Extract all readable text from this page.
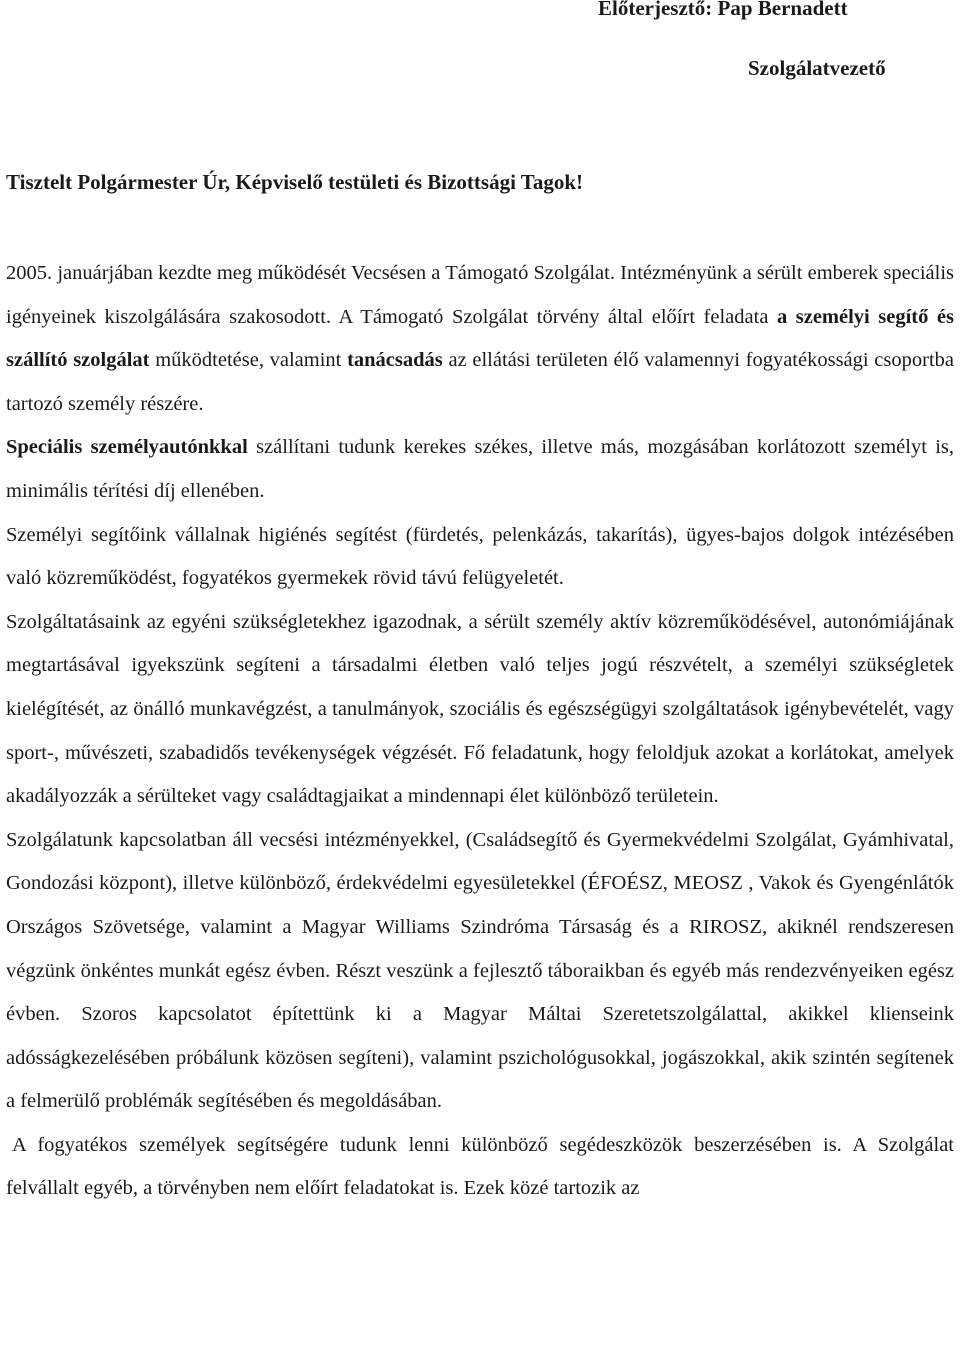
Előterjesztő: Pap Bernadett
Szolgálatvezető
Tisztelt Polgármester Úr, Képviselő testületi és Bizottsági Tagok!

2005. januárjában kezdte meg működését Vecsésen a Támogató Szolgálat. Intézményünk a sérült emberek speciális igényeinek kiszolgálására szakosodott. A Támogató Szolgálat törvény által előírt feladata a személyi segítő és szállító szolgálat működtetése, valamint tanácsadás az ellátási területen élő valamennyi fogyatékossági csoportba tartozó személy részére.

Speciális személyautónkkal szállítani tudunk kerekes székes, illetve más, mozgásában korlátozott személyt is, minimális térítési díj ellenében.

Személyi segítőink vállalnak higiénés segítést (fürdetés, pelenkázás, takarítás), ügyes-bajos dolgok intézésében való közreműködést, fogyatékos gyermekek rövid távú felügyeletét.

Szolgáltatásaink az egyéni szükségletekhez igazodnak, a sérült személy aktív közreműködésével, autonómiájának megtartásával igyekszünk segíteni a társadalmi életben való teljes jogú részvételt, a személyi szükségletek kielégítését, az önálló munkavégzést, a tanulmányok, szociális és egészségügyi szolgáltatások igénybevételét, vagy sport-, művészeti, szabadidős tevékenységek végzését. Fő feladatunk, hogy feloldjuk azokat a korlátokat, amelyek akadályozzák a sérülteket vagy családtagjaikat a mindennapi élet különböző területein.

Szolgálatunk kapcsolatban áll vecsési intézményekkel, (Családsegítő és Gyermekvédelmi Szolgálat, Gyámhivatal, Gondozási központ), illetve különböző, érdekvédelmi egyesületekkel (ÉFOÉSZ, MEOSZ , Vakok és Gyengénlátók Országos Szövetsége, valamint a Magyar Williams Szindróma Társaság és a RIROSZ, akiknél rendszeresen végzünk önkéntes munkát egész évben. Részt veszünk a fejlesztő táboraikban és egyéb más rendezvényeiken egész évben. Szoros kapcsolatot építettünk ki a Magyar Máltai Szeretetszolgálattal, akikkel klienseink adósságkezelésében próbálunk közösen segíteni), valamint pszichológusokkal, jogászokkal, akik szintén segítenek a felmerülő problémák segítésében és megoldásában.

A fogyatékos személyek segítségére tudunk lenni különböző segédeszközök beszerzésében is. A Szolgálat felvállalt egyéb, a törvényben nem előírt feladatokat is. Ezek közé tartozik az
